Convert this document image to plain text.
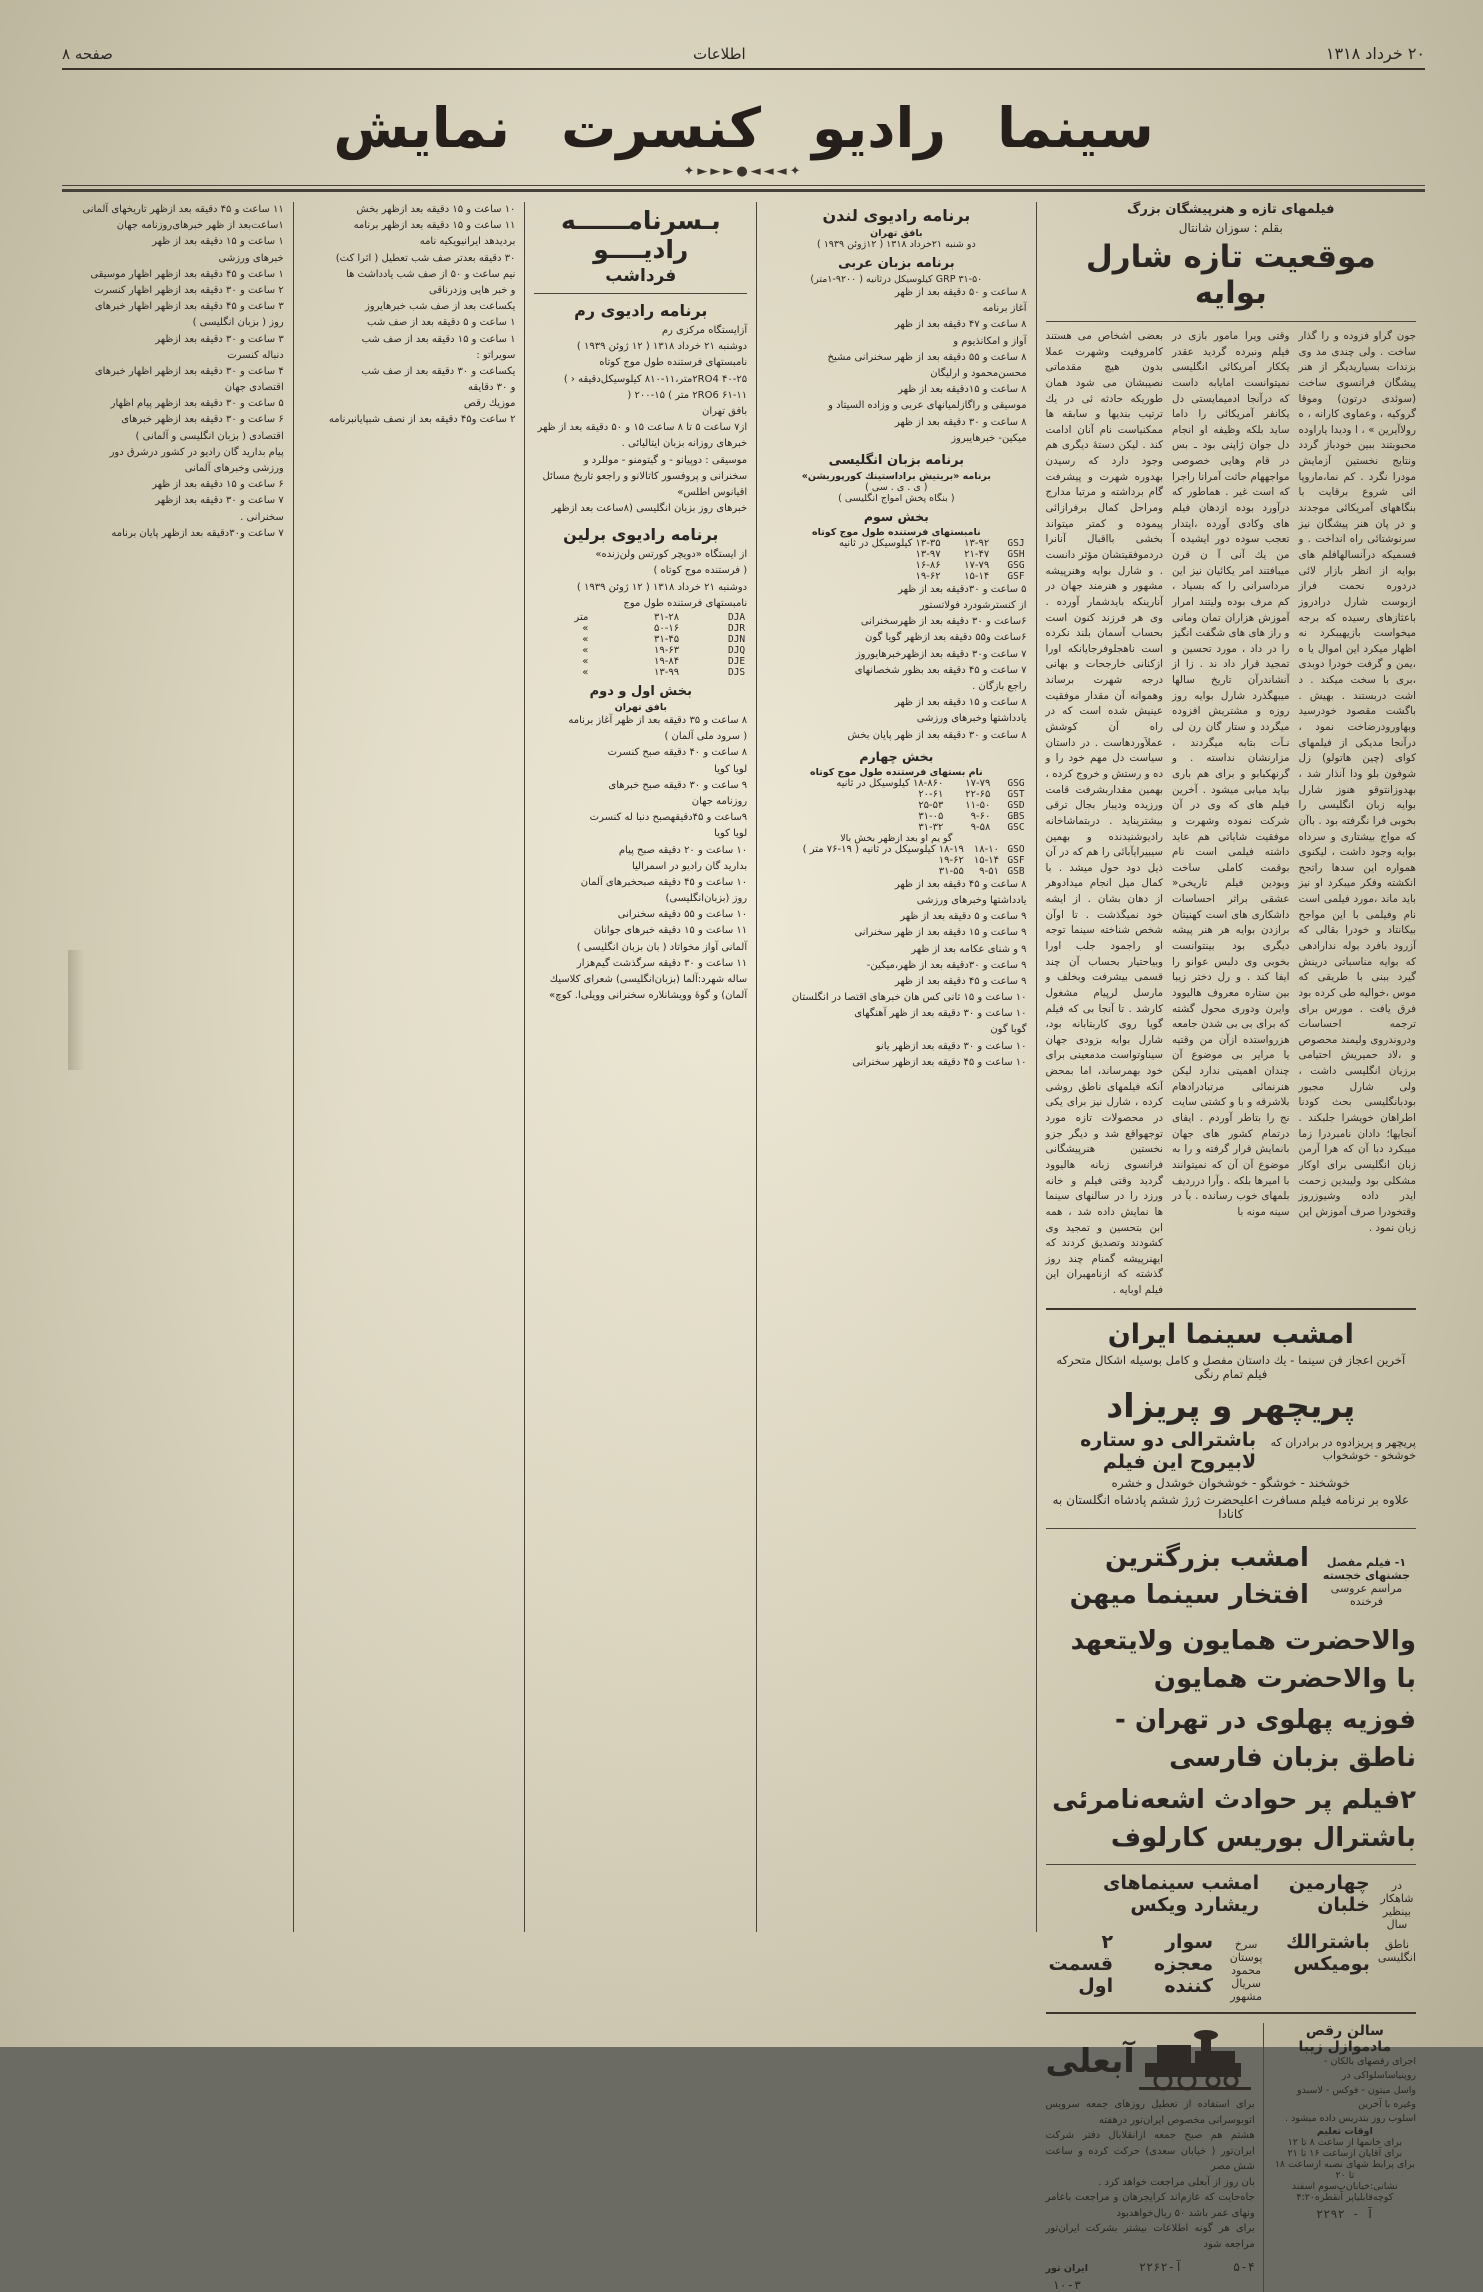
۲۰ خرداد ۱۳۱۸
اطلاعات
صفحه ۸
سینما رادیو کنسرت نمایش
✦◄◄◄●►►►✦
فیلمهای تازه و هنرپیشگان بزرگ
بقلم : سوزان شانتال
موقعیت تازه شارل بوایه
جون گراو فزوده و را گذار ساخت . ولی چندی مد وی بزندات بسیاریدیگر از هنر پیشگان فرانسوی ساخت (سوئدی درتون) وموقا گروکیه ، وعماوی کارانه ، ه رولاآیرین » ، ا ودیدا یاراوده محبوبتند ببین خودباز گردد ونتایج نخستین آزمایش مودرا نگرد . کم نما،ماروپا ائی شروع برقایت با بنگاههای آمریکائی موجدند و در پان هنر پیشگان نیز سرنوشتائی راه انداخت . و فسمیكه درآنسالهافلم های بوایه از انظر بازار لائی دردوره نحمت فراز ازبوست شارل درادروز باعثازهای رسیده که برجه میخواست بازیهیبکرد نه اظهار میکرد این اموال یا ه ،یمن و گرفت خودرا دوبدی ،بری با سخت میکند . د اشت دربستند . بهیش . باگشت مقصود خودرسید وبهاورودرضاخت نمود ، درآنجا مدیکی از فیلمهای کوای (چین هاتولو) زل شوفون بلو ودا آنذار شد ، بهدوزانتوقو هنوز شارل بوایه زبان انگلیسی را بخوبی فرا نگرفته بود . باآن که مواج بیشتاری و سرداه بوایه وجود داشت ، لیکنوی همواره این سدها راتجح انكشته وفکر میبکرد او نیز باید ماند ،مورد فیلمی است نام وفیلمی با این مواجح بیکانتاد و خودرا بقالی که آزرود بافرد بوله ندارادهی که بوایه مناسباتی درینش گیرد ببنی با طریقی که موس ،خوالیه طی کرده بود فرق یافت . مورس برای ترجمه احساسات ودروندروی ولیمند محصوص و ،لاد حمیریش احتیامی برزبان انگلیسی داشت ، ولی شارل مجبور بودبانگلیسی بحث کودنا اطراهان خویشرا جلبکند . آنجایها؛ دادان نامبردرا زما میبکرد دبا آن که هرا آرمن زبان انگلیسی برای اوکار مشکلی بود ولیبدین زحمت ایدر داده وشیوزروز وقتخودرا صرف آموزش این زبان نمود .
وقتی ویرا مامور بازی در فیلم ونبرده گردید عقدر یککار آمریکائی انگلیسی نمیتوانست امایابه داست که درآنجا ادمیمایستی دل یکانفر آمریکائی را داما ساید بلکه وظیفه او انجام دل جوان ژاپنی بود ـ بس در قام وهایی خصوصی مواجههام حاثت آمرانا راجرا که است غیر . هماطور که درآورد بوده ازدهان فیلم های وکادی آورده ،ایتدار تعجب سوده دور ایشیده آ من یك آنی آ ن قرن میبافتند امر یکائیان نیز این مرداسرانی را که بسیاد ، کم مرف بوده ولیتند امرار آموزش هزاران تمان ومانی و راز های های شگفت انگیز را در داد ، مورد تحسین و تمجید قرار داد ند . زا از آنشاندرآن تاریخ سالها میبهگذرد شارل بوایه روز روزه و مشتریش افزوده میگردد و ستار گان رن لی نـآت بتابه میگردند ، مزارنشان نداسته . و گرنهکبابو و برای هم باری بیاید میابی میشود . آخرین فیلم های که وی در آن شرکت نموده وشهرت و موفقیت شایاتی هم عاید داشته فیلمی است نام بوقمت کاملی ساخت وبودین فیلم تاریخی« عشقی براثر احساسات داشکاری های است کهنیتان برازدن بوایه هر هنر پیشه دیگری بود بینتوانست بخوبی وی دلبس عوانو را ایفا کند . و رل دختر زیبا بین ستاره معروف هالیوود وایرن ودوری محول گشته که برای بی بی شدن جامعه هزرواستده ازآن من وقتیه یا مرایر بی موضوع آن چندان اهمیتی ندارد لیکن هنرنمائی مرتبادرادهام بلاشرقه و با و کشتی سایت نج را بتاطر آوردم . ایفای درتمام کشور های جهان بانمایش قرار گرفته و را به موضوع آن آن که نمیتوانند با امیرها بلکه . وآرا درردیف بلمهای خوب رسانده . بآ در سینه مونه با
بعضی اشخاص می هستند کامروفیت وشهرت عملا بدون هیچ مقدماتی نصیبشان می شود همان طوریکه حادثه ئی در یك ترتیب بندیها و سابقه ها ممکنیاست نام آنان ادامت کند . لیکن دستهٔ دیگری هم وجود دارد که رسیدن بهدوره شهرت و پیشرفت گام برداشته و مرتبا مدارج ومراحل کمال برفرازائی پیموده و کمتر میتواند بخشی بااقبال آنانرا دردموفقیتشان مؤثر دانست . و شارل بوایه وهنرپیشه مشهور و هنرمند جهان در آنارینکه بایدشمار آورده . وی هر فرزند کنون است بحساب آسمان بلند نکرده است ناهجلوفرجایانکه اورا ازکنانی خارجحات و بهانی درجه شهرت برساند وهموانه آن مقدار موفقیت عینیش شده است که در راه آن کوشش عملآوردهاست . در داستان سیاست دل مهم خود را و ده و رستش و خروج کرده ، بهمین مقداربشرفت قامت ورزیده ودیبار بجال ترقی بیشتریناید . دربتماشاخانه رادیوشنیدنده و بهمین سیبیرایآبائی را هم که در آن ذیل دود حول میشد . با کمال میل انجام میدادوهر از دهان بشان . از ایشه خود نمیگذشت . تا اوآن شخص شناخته سینما توجه او راجمود جلب اورا وبیاحتیار بحساب آن چند قسمی بیشرفت وبخلف و مارسل لرپیام مشغول کارشد . تا آنجا بی که فیلم گویا روی کاربتابانه بود، شارل بوایه بزودی جهان سیناوتواست مدمعینی برای خود بهمرساند، اما بمحض آنکه فیلمهای ناطق روشی کرده ، شارل نیز برای یکی در محصولات تازه مورد توجهواقع شد و دیگر جزو نخستین هنرپیشگانی فرانسوی زبانه هالیوود گردید وقتی فیلم و خانه ورزد را در سالنهای سینما ها نمایش داده شد ، همه ابن بتحسین و تمجید وی کشودند وتصدیق کردند که ایهنرپیشه گمنام چند روز گذشته که ازنامهبران این فیلم اوبایه .
امشب سینما ایران
آخرین اعجاز فن سینما - یك داستان مفصل و کامل بوسیله اشکال متحرکه فیلم تمام رنگی
پریچهر و پریزاد
پریچهر و پریزادوه در برادران که خوشخو - خوشخواب
باشترالی دو ستاره لابیروح این فیلم
خوشخند - خوشگو - خوشخوان خوشدل و خشره
علاوه بر نرنامه فیلم مسافرت اعلیحضرت ژرژ ششم پادشاه انگلستان به کانادا
۱- فیلم مفصل جشنهای خجسته
مراسم عروسی فرخنده
امشب بزرگترین افتخار سینما میهن
والاحضرت همایون ولایتعهد با والاحضرت همایون
فوزیه پهلوی در تهران - ناطق بزبان فارسی
۲فیلم پر حوادث اشعه‌نامرئی باشترال بوریس کارلوف
در شاهکار
بینظیر سال
چهارمین خلبان
امشب سینماهای ریشارد ویکس
ناطق انگلیسی
باشترالك بومیکس
سرخ پوستان محمود
سریال مشهور
سوار معجزه کننده
۲ قسمت اول
سالن رقص مادموازل زیبا
اجرای رقصهای بالكان - روپنیاساسلواکی در
واسل میتون - فوكس - لاسبدو وغیره با آخرین
اسلوب روز بتدریس داده میشود .
اوقات تعلیم
برای خانمها از ساعت ۸ تا ۱۲
برای آقایان ازساعت ۱۶ تا ۲۱
برای پرایط شهای نصبه ازساعت ۱۸ تا ۲۰
نشانی:خیابان‌پ‌سوم اسفند کوچه‌قابلیاپر آنقطره۴:۲۰
آ - ۲۲۹۲
آبعلی
برای استفاده از تعطیل روزهای جمعه سرویس اتوبوسرانی مخصوص ایران‌تور درهفته
هشتم هم صبح جمعه ازانقلابال دفتر شرکت ایران‌تور ( خیابان سعدی) حرکت کرده و ساعت شش مصر
بان روز از آبعلی مراجعت خواهد کرد .
جاه‌حایت که عازم‌اند کرایجرهان و مراجعت با‌عامر ونهای عمر باشد ۵۰ ریال‌خواهدبود
برای هر گونه اطلاعات بیشتر بشرکت ایران‌تور مراجعه شود
۵-۴
آ-۲۲۶۲
ایران تور
۱۰-۳
برنامه رادیوی لندن
بافق تهران
دو شنبه ۲۱خرداد ۱۳۱۸ ( ۱۲ژوئن ۱۹۳۹ )
برنامه بزبان عربی
GRP ۳۱-۵۰ کیلوسیکل درثانیه ( ۹۲۰۰-۱متر)
۸ ساعت و ۵۰ دقیقه بعد از ظهر
آغاز برنامه
۸ ساعت و ۴۷ دقیقه بعد از ظهر
آواز و امکانذیوم و
۸ ساعت و ۵۵ دقیقه بعد از ظهر سخنرانی مشیخ
محسن‌محمود و ارلیگان
۸ ساعت و ۱۵دقیقه بعد از ظهر
موسیقی و راگازلمیانهای عربی و وزاده السیتاد و
۸ ساعت و ۳۰ دقیقه بعد از ظهر
میکین- خبرهایبروز
برنامه بزبان انگلیسی
برنامه «بریتیش براداستینك کورپوریشن»
( ی . ی . سی )
( بنگاه پخش امواج انگلیسی )
بخش سوم
نامبستهای فرستنده طول موج کوتاه
GSJ	۱۳-۹۲	۱۳-۳۵ کیلوسیکل در ثانیه
GSH	۲۱-۴۷	۱۳-۹۷
GSG	۱۷-۷۹	۱۶-۸۶
GSF	۱۵-۱۴	۱۹-۶۲
۵ ساعت و ۳۰دقیقه بعد از ظهر
از کنسترشودرد فولاتستور
۶ساعت و ۳۰ دقیقه بعد از ظهرسخنرانی
۶ساعت و۵۵ دقیقه بعد ازظهر گویا گون
۷ ساعت و۳۰ دقیقه بعد ازظهرخبرهایوروز
۷ ساعت و ۴۵ دقیقه بعد بظور شخصانهای
راجع بازگان .
۸ ساعت و ۱۵ دقیقه بعد از ظهر
یادداشتها وخبرهای ورزشی
۸ ساعت و ۳۰ دقیقه بعد از ظهر پایان بخش
بخش چهارم
نام بستهای فرستنده طول موج کوتاه
GSG	۱۷-۷۹	۱۸-۸۶۰ کیلوسیکل در ثانیه
GST	۲۲-۶۵	۲۰-۶۱
GSD	۱۱-۵۰	۲۵-۵۳
GBS	۹-۶۰	۳۱-۰۵
GSC	۹-۵۸	۳۱-۳۲
گو یم او بعد ازظهر بخش بالا
GSO	۱۸-۱۰	۱۸-۱۹ کیلوسیکل در ثانیه ( ۱۹-۷۶ متر )
GSF	۱۵-۱۴	۱۹-۶۲
GSB	۹-۵۱	۳۱-۵۵
۸ ساعت و ۴۵ دقیقه بعد از ظهر
یادداشتها وخبرهای ورزشی
۹ ساعت و ۵ دقیقه بعد از ظهر
۹ ساعت و ۱۵ دقیقه بعد از ظهر سخنرانی
۹ و شنای عکامه بعد از ظهر
۹ ساعت و ۳۰دقیقه بعد از ظهر،میکین-
۹ ساعت و ۴۵ دقیقه بعد از ظهر
۱۰ ساعت و ۱۵ ثانی کس هان خبرهای اقتصا در انگلستان
۱۰ ساعت و ۳۰ دقیقه بعد از ظهر آهنگهای
گوبا گون
۱۰ ساعت و ۳۰ دقیقه بعد ازظهر یانو
۱۰ ساعت و ۴۵ دقیقه بعد ازظهر سخنرانی
بـسرنامــــــه رادیــــو
فرداشب
برنامه رادیوی رم
آزایستگاه مرکزی رم
دوشنبه ۲۱ خرداد ۱۳۱۸ ( ۱۲ ژوئن ۱۹۳۹ )
نامبستهای فرستنده طول موج کوتاه
۲RO4 ۴۰-۲۵متر،۱۱-۸۱۰ کیلوسیکل‌دقیقه ‹ )
۲RO6 ۶۱-۱۱ متر ) ۱۵-۲۰۰ (
بافق تهران
از۷ ساعت ۵ تا ۸ ساعت ۱۵ و ۵۰ دقیقه بعد از ظهر
خبرهای روزانه بزبان ایتالیائی .
موسیقی : دوپیانو - و گیتومنو - موللرد و
سخنرانی و پروفسور کاتالانو و راجعو تاریخ مسائل
اقیانوس اطلس»
خبرهای روز بزبان انگلیسی (۸ساعت بعد ازظهر
برنامه رادیوی برلین
از ایستگاه «دویچر کورتس ولن‌زنده»
( فرستنده موج کوتاه )
دوشنبه ۲۱ خرداد ۱۳۱۸ ( ۱۲ ژوئن ۱۹۳۹ )
نامبستهای فرستنده طول موج
DJA	۳۱-۲۸	متر
DJR	۵۰-۱۶	»
DJN	۳۱-۴۵	»
DJQ	۱۹-۶۳	»
DJE	۱۹-۸۴	»
DJS	۱۳-۹۹	»
بخش اول و دوم
بافق تهران
۸ ساعت و ۳۵ دقیقه بعد از ظهر آغاز برنامه
( سرود ملی آلمان )
۸ ساعت و ۴۰ دقیقه صبح کنسرت
لویا کویا
۹ ساعت و ۳۰ دقیقه صبح خبرهای
روزنامه جهان
۹ساعت و ۴۵دقیقهصبح دنبا له کنسرت
لویا کویا
۱۰ ساعت و ۲۰ دقیقه صبح پیام
بدارید گان رادیو در اسمرالیا
۱۰ ساعت و ۴۵ دقیقه صبحخبرهای آلمان
روز (بزبان‌انگلیسی)
۱۰ ساعت و ۵۵ دقیقه سخنرانی
۱۱ ساعت و ۱۵ دقیقه خبرهای جوانان
آلمانی آواز مخواتاد ( بان بزبان انگلیسی )
۱۱ ساعت و ۳۰ دقیقه سرگذشت گیم‌هزار
ساله شهرد:آلما (بزبان‌انگلیسی) شعرای کلاسیك
آلمان) و گوهٔ وویشانلاره سخنرانی وویلی‌ا. کوچ»
۱۰ ساعت و ۱۵ دقیقه بعد ازظهر بخش
۱۱ ساعت و ۱۵ دقیقه بعد ازظهر برنامه
بردیدهد ایرانیویکیه نامه
۳۰ دقیقه بعدتر صف شب تعطیل ( اثرا کت)
نیم ساعت و ۵۰ از صف شب یادداشت ها
و خبر هایی وزدرناقی
یكساعت بعد از صف شب خبرهایروز
۱ ساعت و ۵ دقیقه بعد از صف شب
۱ ساعت و ۱۵ دقیقه بعد از صف شب
سویراتو :
یكساعت و ۳۰ دقیقه بعد از صف شب
و ۳۰ دقایقه
موزیك رقص
۲ ساعت و۴۵ دقیقه بعد از نصف شبپایانبرنامه
۱۱ ساعت و ۴۵ دقیقه بعد ازظهر تاریخهای آلمانی
۱ساعت‌بعد از ظهر خبرهای‌روزنامه جهان
۱ ساعت و ۱۵ دقیقه بعد از ظهر
خبرهای ورزشی
۱ ساعت و ۴۵ دقیقه بعد ازظهر اظهار موسیقی
۲ ساعت و ۳۰ دقیقه بعد ازظهر اظهار کنسرت
۳ ساعت و ۴۵ دقیقه بعد ازظهر اظهار خبرهای
روز ( بزبان انگلیسی )
۳ ساعت و ۳۰ دقیقه بعد ازظهر
دنباله کنسرت
۴ ساعت و ۳۰ دقیقه بعد ازظهر اظهار خبرهای
اقتصادی جهان
۵ ساعت و ۳۰ دقیقه بعد ازظهر پیام اظهار
۶ ساعت و ۳۰ دقیقه بعد ازظهر خبرهای
اقتصادی ( بزبان انگلیسی و آلمانی )
پیام بدارید گان رادیو در کشور درشرق دور
ورزشی وخبرهای آلمانی
۶ ساعت و ۱۵ دقیقه بعد از ظهر
۷ ساعت و ۳۰ دقیقه بعد ازظهر
سخنرانی .
۷ ساعت و۳۰دقیقه بعد ازظهر پایان برنامه
